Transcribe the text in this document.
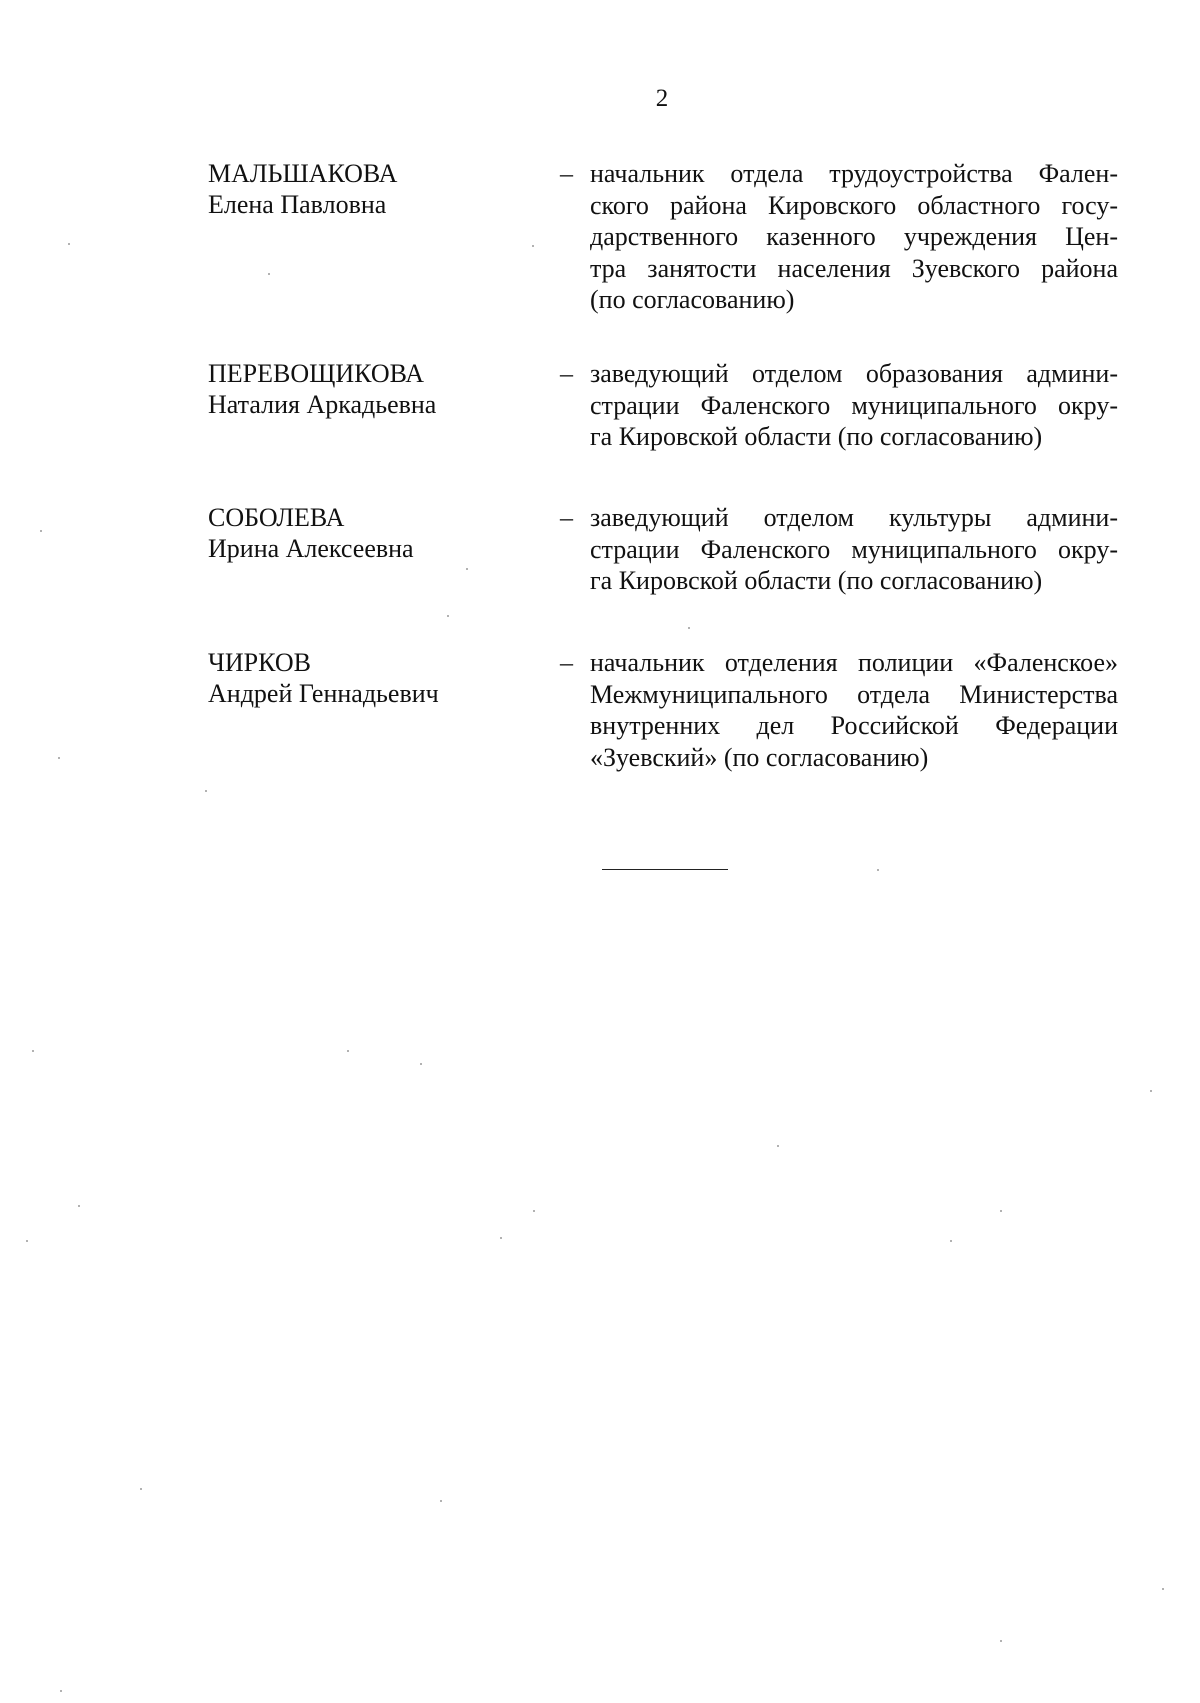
2
МАЛЬШАКОВА
Елена Павловна
– начальник отдела трудоустройства Фален-
ского района Кировского областного госу-
дарственного казенного учреждения Цен-
тра занятости населения Зуевского района
(по согласованию)
ПЕРЕВОЩИКОВА
Наталия Аркадьевна
– заведующий отделом образования админи-
страции Фаленского муниципального окру-
га Кировской области (по согласованию)
СОБОЛЕВА
Ирина Алексеевна
– заведующий отделом культуры админи-
страции Фаленского муниципального окру-
га Кировской области (по согласованию)
ЧИРКОВ
Андрей Геннадьевич
– начальник отделения полиции «Фаленское»
Межмуниципального отдела Министерства
внутренних дел Российской Федерации
«Зуевский» (по согласованию)
